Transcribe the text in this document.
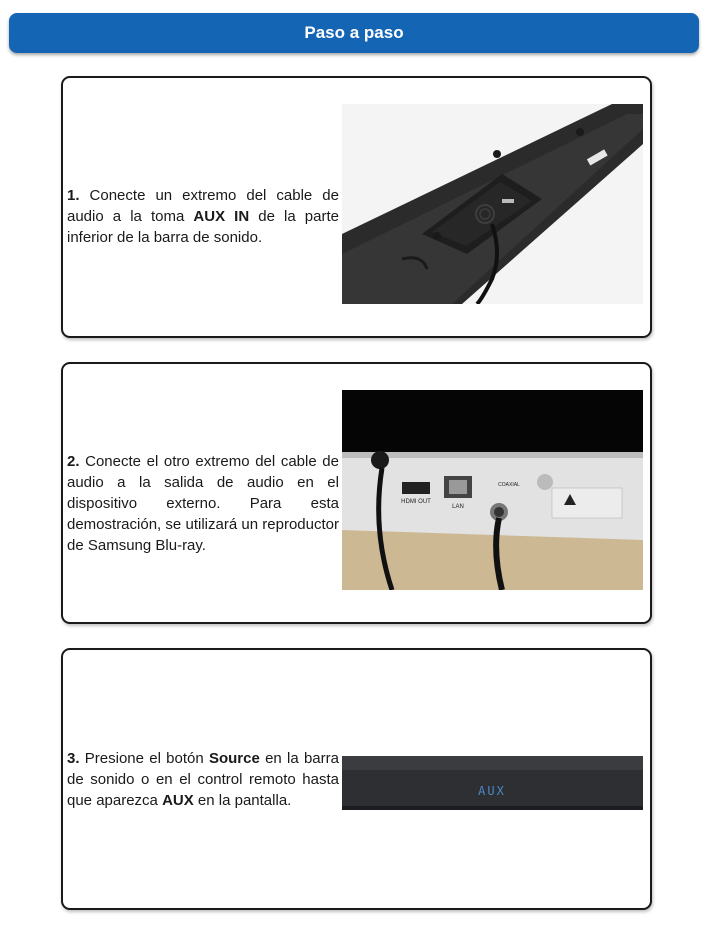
Paso a paso

1. Conecte un extremo del cable de audio a la toma AUX IN de la parte inferior de la barra de sonido.

2. Conecte el otro extremo del cable de audio a la salida de audio en el dispositivo externo. Para esta demostración, se utilizará un reproductor de Samsung Blu-ray.

HDMI OUT
LAN
COAXIAL

3. Presione el botón Source en la barra de sonido o en el control remoto hasta que aparezca AUX en la pantalla.

AUX
